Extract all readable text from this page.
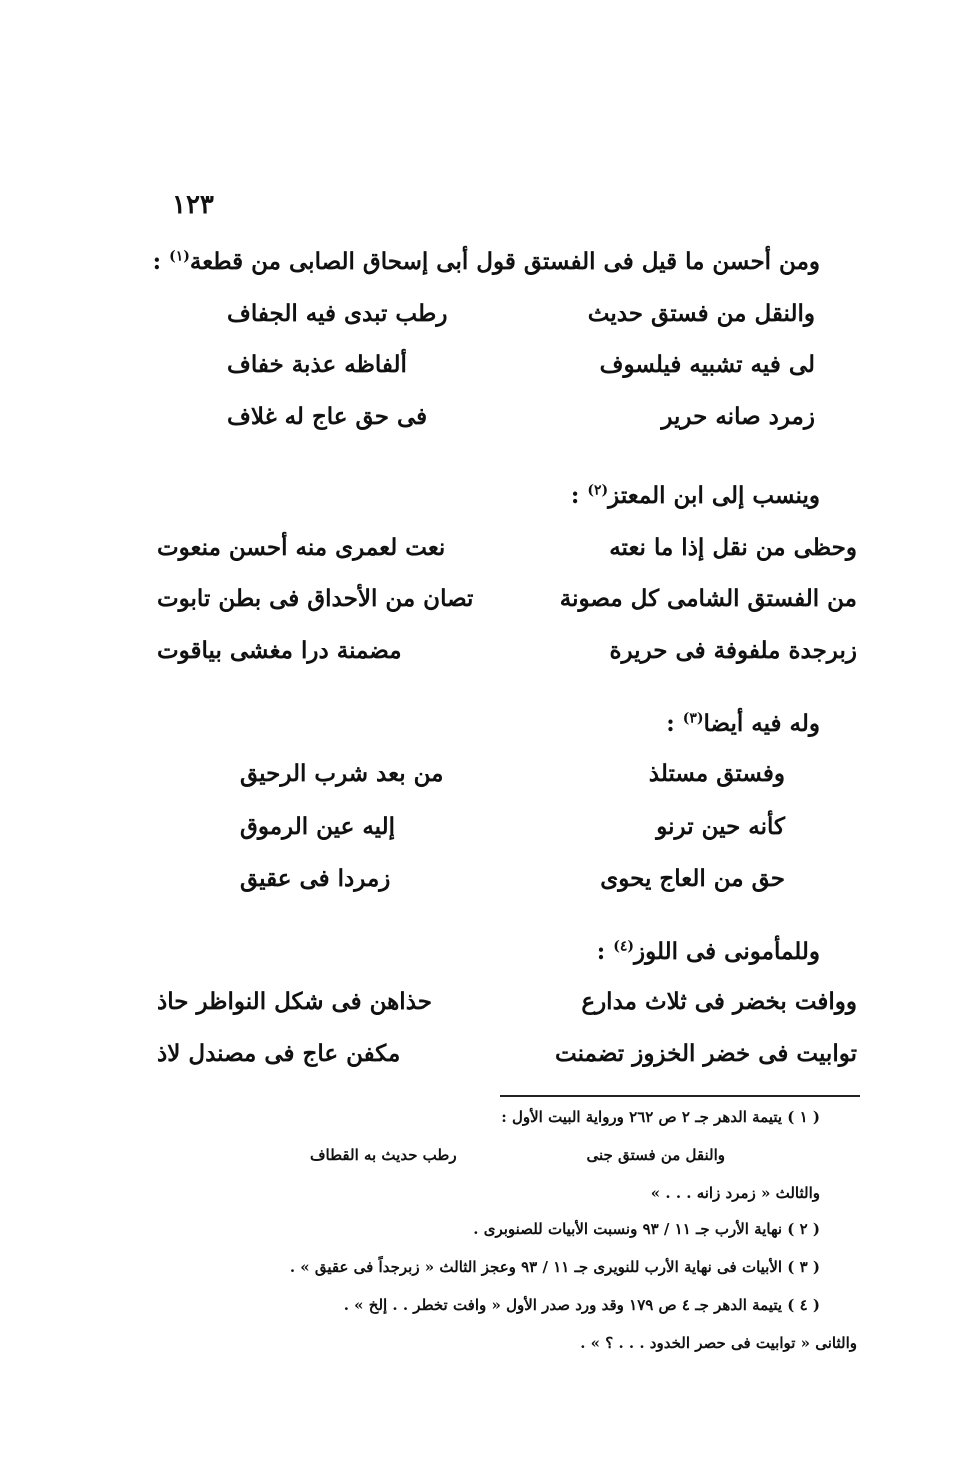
١٢٣
ومن أحسن ما قيل فى الفستق قول أبى إسحاق الصابى من قطعة$^{(١)}$ :
والنقل من فستق حديث
رطب تبدى فيه الجفاف
لى فيه تشبيه فيلسوف
ألفاظه عذبة خفاف
زمرد صانه حرير
فى حق عاج له غلاف
وينسب إلى ابن المعتز$^{(٢)}$ :
وحظى من نقل إذا ما نعته
نعت لعمرى منه أحسن منعوت
من الفستق الشامى كل مصونة
تصان من الأحداق فى بطن تابوت
زبرجدة ملفوفة فى حريرة
مضمنة درا مغشى بياقوت
وله فيه أيضا$^{(٣)}$ :
وفستق مستلذ
من بعد شرب الرحيق
كأنه حين ترنو
إليه عين الرموق
حق من العاج يحوى
زمردا فى عقيق
وللمأمونى فى اللوز$^{(٤)}$ :
ووافت بخضر فى ثلاث مدارع
حذاهن فى شكل النواظر حاذ
توابيت فى خضر الخزوز تضمنت
مكفن عاج فى مصندل لاذ
( ١ ) يتيمة الدهر جـ ٢ ص ٢٦٢ ورواية البيت الأول :
والنقل من فستق جنى
رطب حديث به القطاف
والثالث « زمرد زانه . . . »
( ٢ ) نهاية الأرب جـ ١١ / ٩٣ ونسبت الأبيات للصنوبرى .
( ٣ ) الأبيات فى نهاية الأرب للنويرى جـ ١١ / ٩٣ وعجز الثالث « زبرجداً فى عقيق » .
( ٤ ) يتيمة الدهر جـ ٤ ص ١٧٩ وقد ورد صدر الأول « وافت تخطر . . إلخ » .
والثانى « توابيت فى حصر الخدود . . . ؟ » .
